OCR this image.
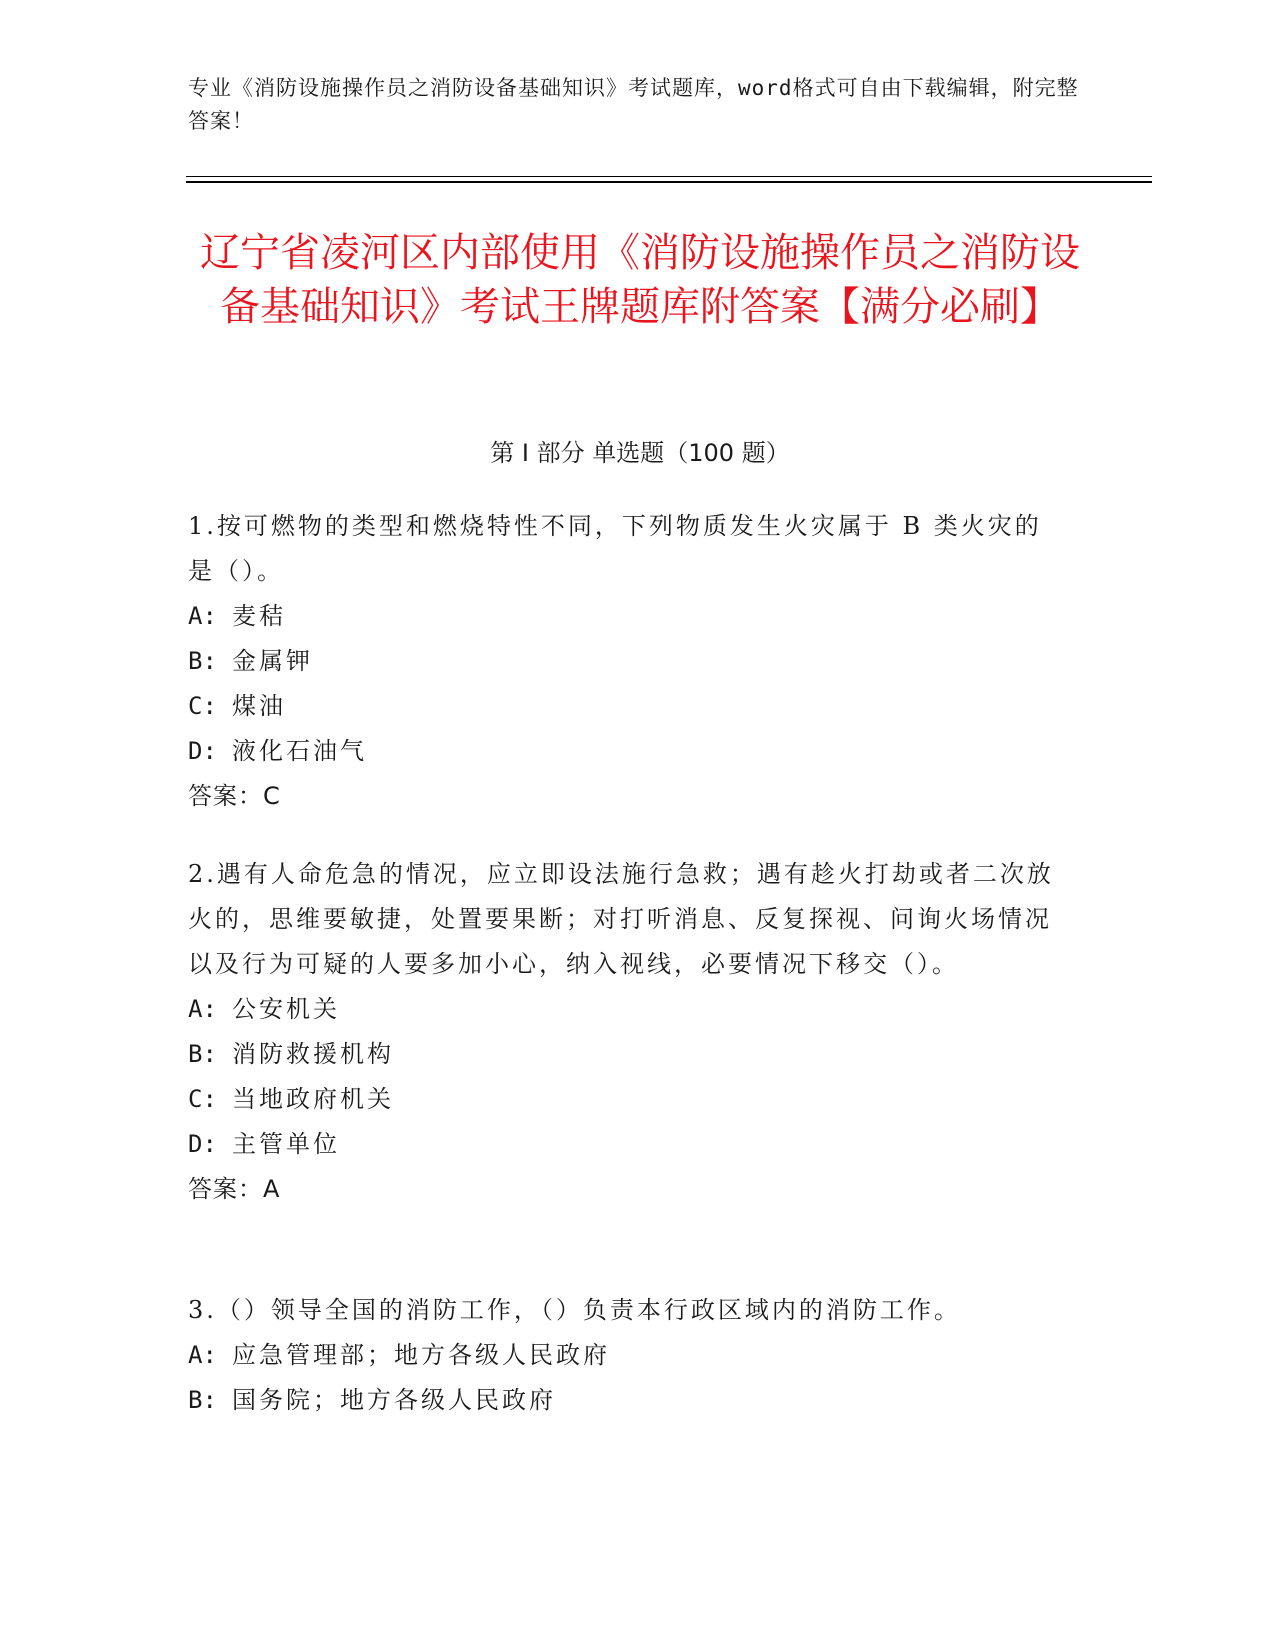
专业《消防设施操作员之消防设备基础知识》考试题库，word格式可自由下载编辑，附完整答案！
辽宁省凌河区内部使用《消防设施操作员之消防设备基础知识》考试王牌题库附答案【满分必刷】
第 I 部分 单选题（100 题）

1.按可燃物的类型和燃烧特性不同，下列物质发生火灾属于 B 类火灾的是（）。

A: 麦秸

B: 金属钾

C: 煤油

D: 液化石油气

答案：C

2.遇有人命危急的情况，应立即设法施行急救；遇有趁火打劫或者二次放火的，思维要敏捷，处置要果断；对打听消息、反复探视、问询火场情况以及行为可疑的人要多加小心，纳入视线，必要情况下移交（）。

A: 公安机关

B: 消防救援机构

C: 当地政府机关

D: 主管单位

答案：A

3.（）领导全国的消防工作，（）负责本行政区域内的消防工作。

A: 应急管理部；地方各级人民政府

B: 国务院；地方各级人民政府
